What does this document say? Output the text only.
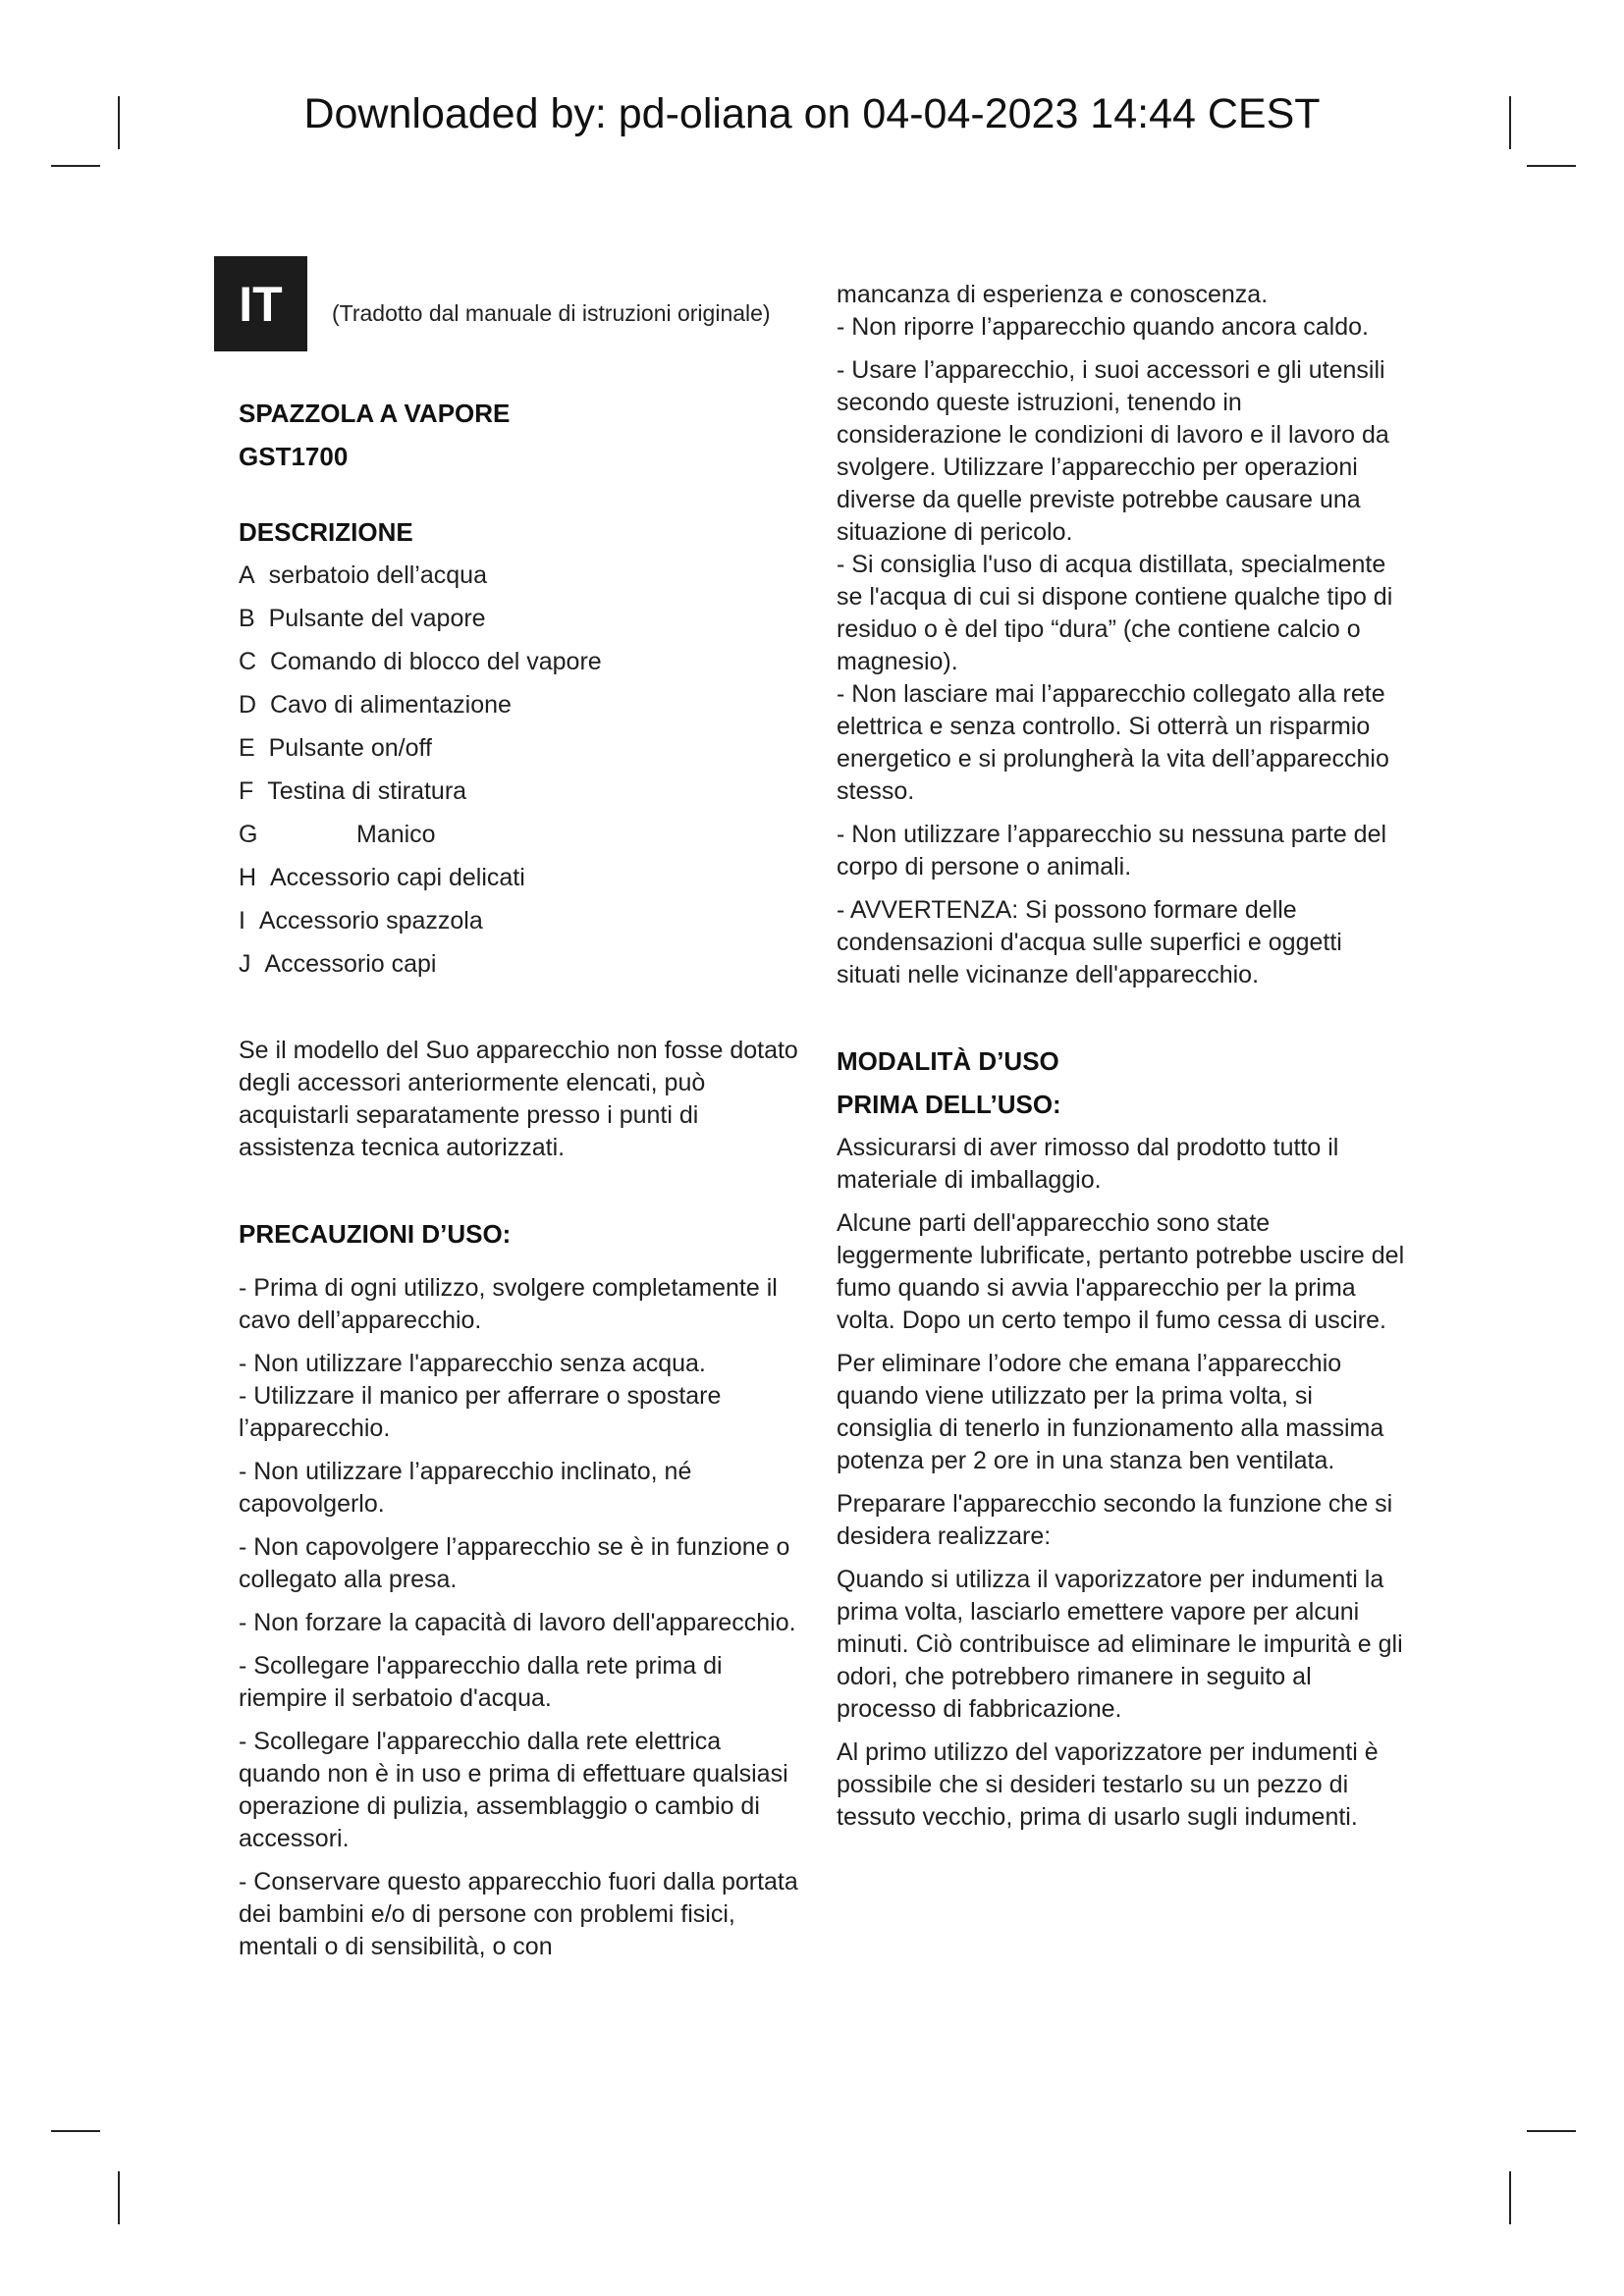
Downloaded by: pd-oliana on 04-04-2023 14:44 CEST
IT	(Tradotto dal manuale di istruzioni originale)
SPAZZOLA A VAPORE
GST1700
DESCRIZIONE
A serbatoio dell’acqua
B Pulsante del vapore
C Comando di blocco del vapore
D Cavo di alimentazione
E Pulsante on/off
F Testina di stiratura
G	Manico
H Accessorio capi delicati
I Accessorio spazzola
J Accessorio capi

Se il modello del Suo apparecchio non fosse dotato degli accessori anteriormente elencati, può acquistarli separatamente presso i punti di assistenza tecnica autorizzati.

PRECAUZIONI D’USO:

- Prima di ogni utilizzo, svolgere completamente il cavo dell’apparecchio.

- Non utilizzare l'apparecchio senza acqua.

- Utilizzare il manico per afferrare o spostare l’apparecchio.

- Non utilizzare l’apparecchio inclinato, né capovolgerlo.

- Non capovolgere l’apparecchio se è in funzione o collegato alla presa.

- Non forzare la capacità di lavoro dell'apparecchio.

- Scollegare l'apparecchio dalla rete prima di riempire il serbatoio d'acqua.

- Scollegare l'apparecchio dalla rete elettrica quando non è in uso e prima di effettuare qualsiasi operazione di pulizia, assemblaggio o cambio di accessori.

- Conservare questo apparecchio fuori dalla portata dei bambini e/o di persone con problemi fisici, mentali o di sensibilità, o con

mancanza di esperienza e conoscenza.

- Non riporre l’apparecchio quando ancora caldo.

- Usare l’apparecchio, i suoi accessori e gli utensili secondo queste istruzioni, tenendo in considerazione le condizioni di lavoro e il lavoro da svolgere. Utilizzare l’apparecchio per operazioni diverse da quelle previste potrebbe causare una situazione di pericolo.

- Si consiglia l'uso di acqua distillata, specialmente se l'acqua di cui si dispone contiene qualche tipo di residuo o è del tipo “dura” (che contiene calcio o magnesio).

- Non lasciare mai l’apparecchio collegato alla rete elettrica e senza controllo. Si otterrà un risparmio energetico e si prolungherà la vita dell’apparecchio stesso.

- Non utilizzare l’apparecchio su nessuna parte del corpo di persone o animali.

- AVVERTENZA: Si possono formare delle condensazioni d'acqua sulle superfici e oggetti situati nelle vicinanze dell'apparecchio.

MODALITÀ D’USO
PRIMA DELL’USO:

Assicurarsi di aver rimosso dal prodotto tutto il materiale di imballaggio.

Alcune parti dell'apparecchio sono state leggermente lubrificate, pertanto potrebbe uscire del fumo quando si avvia l'apparecchio per la prima volta. Dopo un certo tempo il fumo cessa di uscire.

Per eliminare l’odore che emana l’apparecchio quando viene utilizzato per la prima volta, si consiglia di tenerlo in funzionamento alla massima potenza per 2 ore in una stanza ben ventilata.

Preparare l'apparecchio secondo la funzione che si desidera realizzare:

Quando si utilizza il vaporizzatore per indumenti la prima volta, lasciarlo emettere vapore per alcuni minuti. Ciò contribuisce ad eliminare le impurità e gli odori, che potrebbero rimanere in seguito al processo di fabbricazione.

Al primo utilizzo del vaporizzatore per indumenti è possibile che si desideri testarlo su un pezzo di tessuto vecchio, prima di usarlo sugli indumenti.
